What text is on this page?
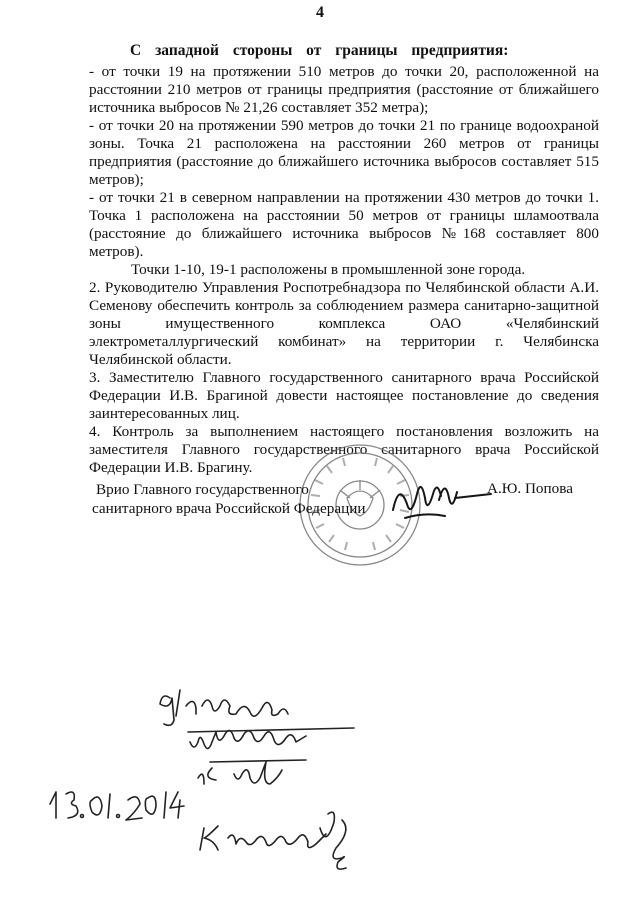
4
С западной стороны от границы предприятия:

- от точки 19 на протяжении 510 метров до точки 20, расположенной на расстоянии 210 метров от границы предприятия (расстояние от ближайшего источника выбросов № 21,26 составляет 352 метра);

- от точки 20 на протяжении 590 метров до точки 21 по границе водоохраной зоны. Точка 21 расположена на расстоянии 260 метров от границы предприятия (расстояние до ближайшего источника выбросов составляет 515 метров);

- от точки 21 в северном направлении на протяжении 430 метров до точки 1. Точка 1 расположена на расстоянии 50 метров от границы шламоотвала (расстояние до ближайшего источника выбросов №168 составляет 800 метров).

Точки 1-10, 19-1 расположены в промышленной зоне города.

2. Руководителю Управления Роспотребнадзора по Челябинской области А.И. Семенову обеспечить контроль за соблюдением размера санитарно-защитной зоны имущественного комплекса ОАО «Челябинский электрометаллургический комбинат» на территории г. Челябинска Челябинской области.

3. Заместителю Главного государственного санитарного врача Российской Федерации И.В. Брагиной довести настоящее постановление до сведения заинтересованных лиц.

4. Контроль за выполнением настоящего постановления возложить на заместителя Главного государственного санитарного врача Российской Федерации И.В. Брагину.

Врио Главного государственного
санитарного врача Российской Федерации
А.Ю. Попова
